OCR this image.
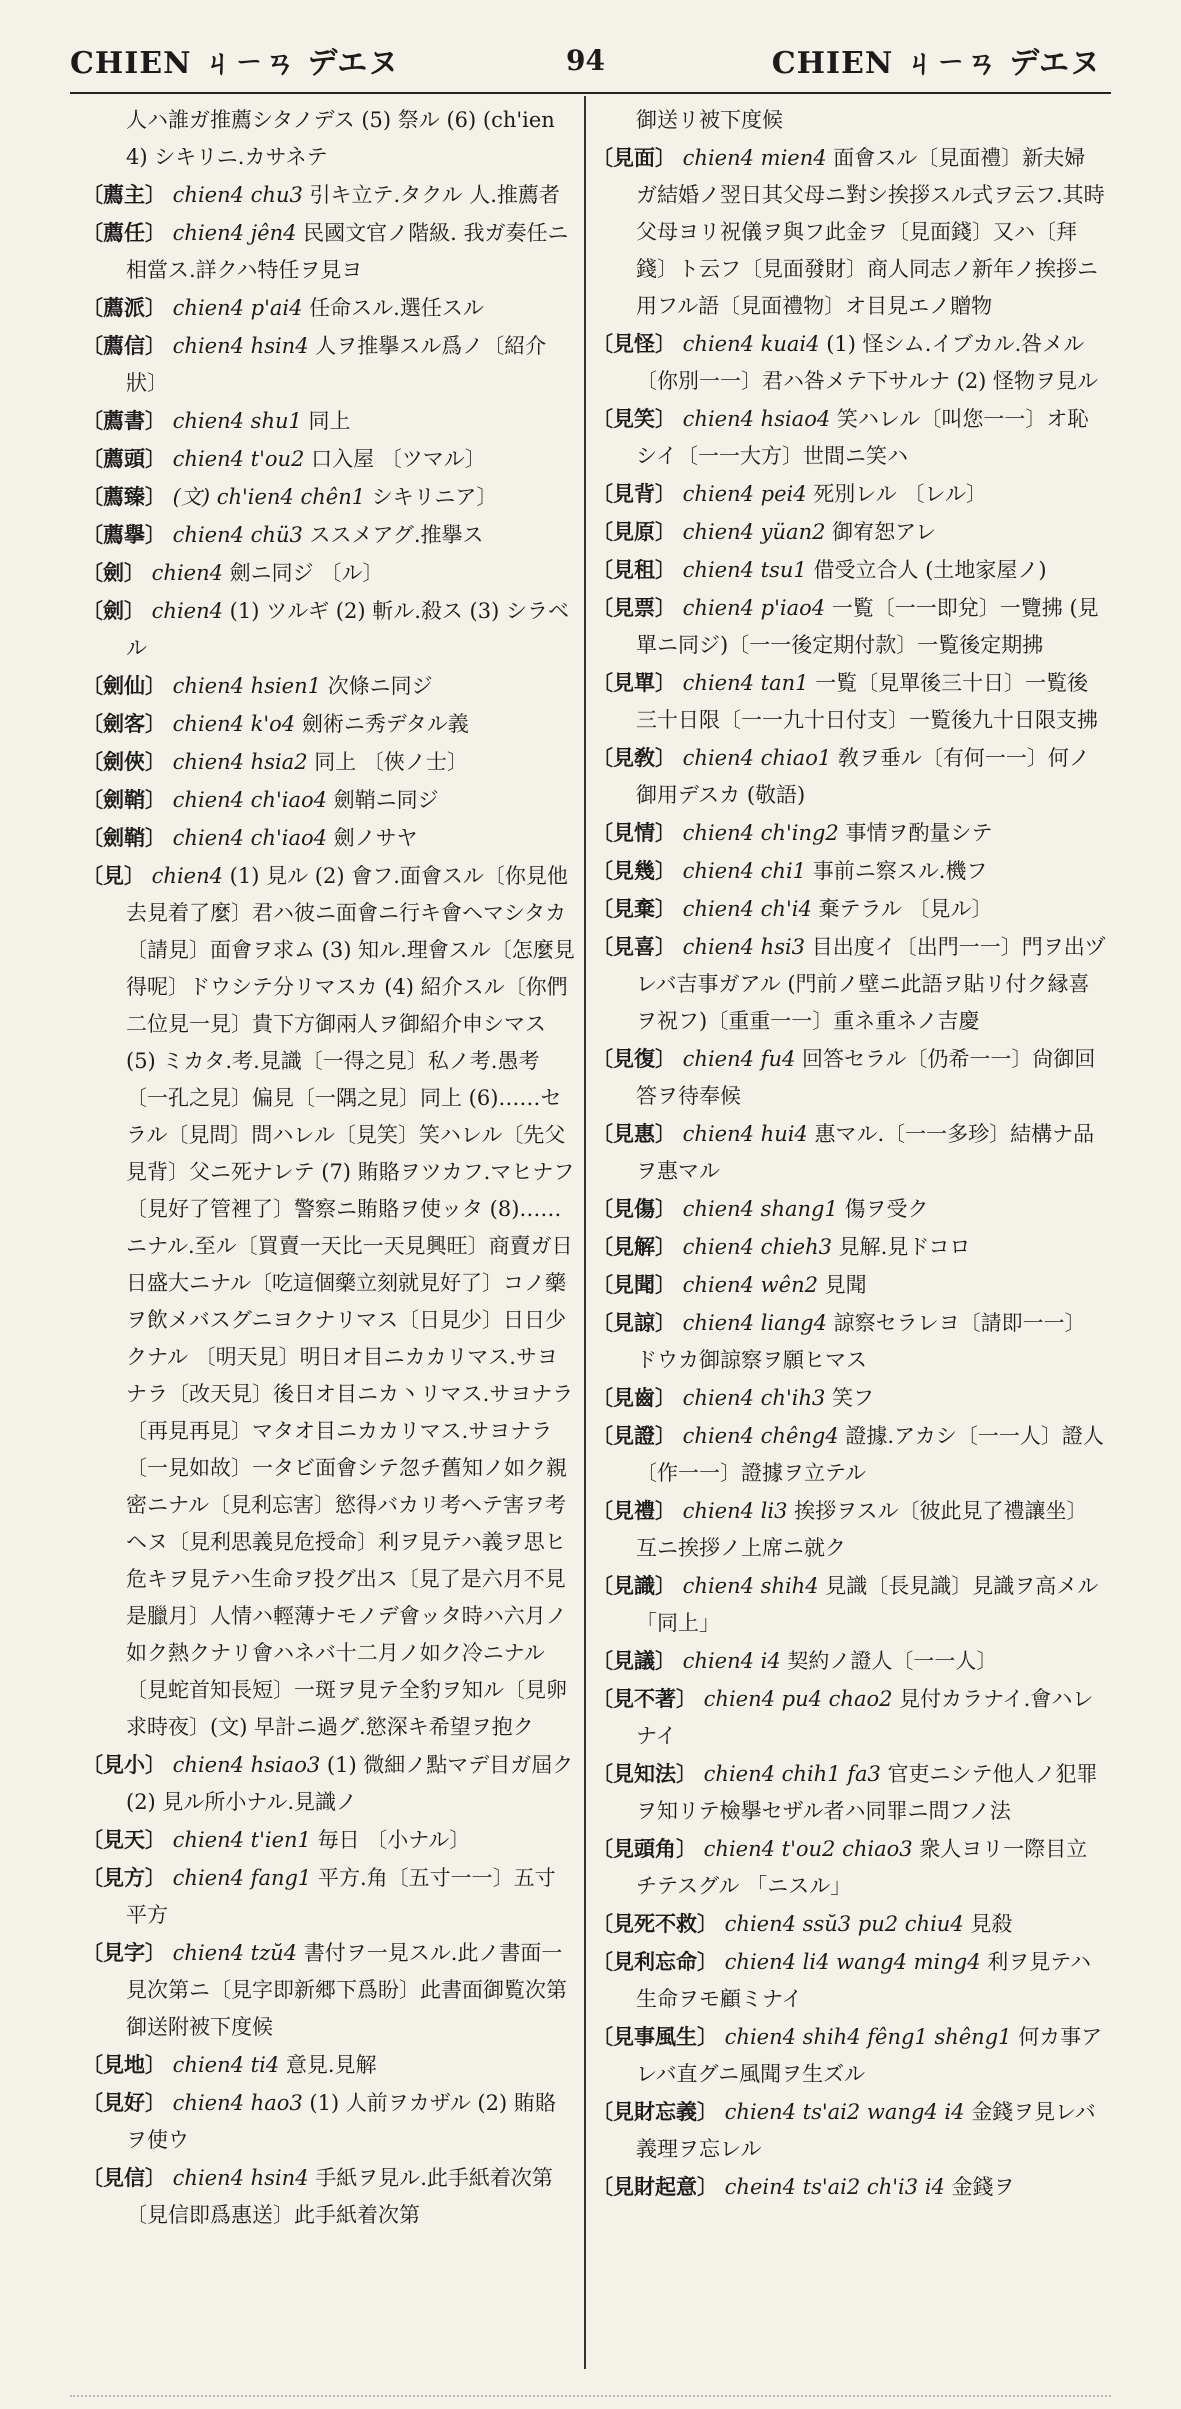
CHIEN ㄐㄧㄢ デエヌ	94	CHIEN ㄐㄧㄢ デエヌ
人ハ誰ガ推薦シタノデス (5) 祭ル (6) (ch'ien4) シキリニ.カサネテ
〔薦主〕 chien4 chu3 引キ立テ.タクル 人.推薦者
〔薦任〕 chien4 jên4 民國文官ノ階級. 我ガ奏任ニ相當ス.詳クハ特任ヲ見ヨ
〔薦派〕 chien4 p'ai4 任命スル.選任スル
〔薦信〕 chien4 hsin4 人ヲ推擧スル爲ノ〔紹介狀〕
〔薦書〕 chien4 shu1 同上
〔薦頭〕 chien4 t'ou2 口入屋 〔ツマル〕
〔薦臻〕 (文) ch'ien4 chên1 シキリニア〕
〔薦擧〕 chien4 chü3 ススメアグ.推擧ス
〔劍〕 chien4 劍ニ同ジ 〔ル〕
〔劍〕 chien4 (1) ツルギ (2) 斬ル.殺ス (3) シラベル
〔劍仙〕 chien4 hsien1 次條ニ同ジ
〔劍客〕 chien4 k'o4 劍術ニ秀デタル義
〔劍俠〕 chien4 hsia2 同上 〔俠ノ士〕
〔劍鞘〕 chien4 ch'iao4 劍鞘ニ同ジ
〔劍鞘〕 chien4 ch'iao4 劍ノサヤ
〔見〕 chien4 (1) 見ル (2) 會フ.面會スル〔你見他去見着了麼〕君ハ彼ニ面會ニ行キ會ヘマシタカ〔請見〕面會ヲ求ム (3) 知ル.理會スル〔怎麼見得呢〕ドウシテ分リマスカ (4) 紹介スル〔你們二位見一見〕貴下方御兩人ヲ御紹介申シマス (5) ミカタ.考.見識〔一得之見〕私ノ考.愚考〔一孔之見〕偏見〔一隅之見〕同上 (6)……セラル〔見問〕問ハレル〔見笑〕笑ハレル〔先父見背〕父ニ死ナレテ (7) 賄賂ヲツカフ.マヒナフ〔見好了管裡了〕警察ニ賄賂ヲ使ッタ (8)……ニナル.至ル〔買賣一天比一天見興旺〕商賣ガ日日盛大ニナル〔吃這個藥立刻就見好了〕コノ藥ヲ飲メバスグニヨクナリマス〔日見少〕日日少クナル 〔明天見〕明日オ目ニカカリマス.サヨナラ〔改天見〕後日オ目ニカ丶リマス.サヨナラ〔再見再見〕マタオ目ニカカリマス.サヨナラ〔一見如故〕一タビ面會シテ忽チ舊知ノ如ク親密ニナル〔見利忘害〕慾得バカリ考ヘテ害ヲ考ヘヌ〔見利思義見危授命〕利ヲ見テハ義ヲ思ヒ危キヲ見テハ生命ヲ投グ出ス〔見了是六月不見是臘月〕人情ハ輕薄ナモノデ會ッタ時ハ六月ノ如ク熱クナリ會ハネバ十二月ノ如ク冷ニナル〔見蛇首知長短〕一斑ヲ見テ全豹ヲ知ル〔見卵求時夜〕(文) 早計ニ過グ.慾深キ希望ヲ抱ク
〔見小〕 chien4 hsiao3 (1) 微細ノ點マデ目ガ屆ク (2) 見ル所小ナル.見識ノ
〔見天〕 chien4 t'ien1 毎日 〔小ナル〕
〔見方〕 chien4 fang1 平方.角〔五寸一一〕五寸平方
〔見字〕 chien4 tzŭ4 書付ヲ一見スル.此ノ書面一見次第ニ〔見字即新郷下爲盼〕此書面御覧次第御送附被下度候
〔見地〕 chien4 ti4 意見.見解
〔見好〕 chien4 hao3 (1) 人前ヲカザル (2) 賄賂ヲ使ウ
〔見信〕 chien4 hsin4 手紙ヲ見ル.此手紙着次第〔見信即爲惠送〕此手紙着次第
御送リ被下度候
〔見面〕 chien4 mien4 面會スル〔見面禮〕新夫婦ガ結婚ノ翌日其父母ニ對シ挨拶スル式ヲ云フ.其時父母ヨリ祝儀ヲ與フ此金ヲ〔見面錢〕又ハ〔拜錢〕ト云フ〔見面發財〕商人同志ノ新年ノ挨拶ニ用フル語〔見面禮物〕オ目見エノ贈物
〔見怪〕 chien4 kuai4 (1) 怪シム.イブカル.咎メル〔你別一一〕君ハ咎メテ下サルナ (2) 怪物ヲ見ル
〔見笑〕 chien4 hsiao4 笑ハレル〔叫您一一〕オ恥シイ〔一一大方〕世間ニ笑ハ
〔見背〕 chien4 pei4 死別レル 〔レル〕
〔見原〕 chien4 yüan2 御宥恕アレ
〔見租〕 chien4 tsu1 借受立合人 (土地家屋ノ)
〔見票〕 chien4 p'iao4 一覧〔一一即兌〕一覽拂 (見單ニ同ジ)〔一一後定期付款〕一覧後定期拂
〔見單〕 chien4 tan1 一覧〔見單後三十日〕一覧後三十日限〔一一九十日付支〕一覧後九十日限支拂
〔見敎〕 chien4 chiao1 敎ヲ垂ル〔有何一一〕何ノ御用デスカ (敬語)
〔見情〕 chien4 ch'ing2 事情ヲ酌量シテ
〔見幾〕 chien4 chi1 事前ニ察スル.機フ
〔見棄〕 chien4 ch'i4 棄テラル 〔見ル〕
〔見喜〕 chien4 hsi3 目出度イ〔出門一一〕門ヲ出ヅレバ吉事ガアル (門前ノ壁ニ此語ヲ貼リ付ク縁喜ヲ祝フ)〔重重一一〕重ネ重ネノ吉慶
〔見復〕 chien4 fu4 回答セラル〔仍希一一〕尙御回答ヲ待奉候
〔見惠〕 chien4 hui4 惠マル.〔一一多珍〕結構ナ品ヲ惠マル
〔見傷〕 chien4 shang1 傷ヲ受ク
〔見解〕 chien4 chieh3 見解.見ドコロ
〔見聞〕 chien4 wên2 見聞
〔見諒〕 chien4 liang4 諒察セラレヨ〔請即一一〕ドウカ御諒察ヲ願ヒマス
〔見齒〕 chien4 ch'ih3 笑フ
〔見證〕 chien4 chêng4 證據.アカシ〔一一人〕證人〔作一一〕證據ヲ立テル
〔見禮〕 chien4 li3 挨拶ヲスル〔彼此見了禮讓坐〕互ニ挨拶ノ上席ニ就ク
〔見識〕 chien4 shih4 見識〔長見識〕見識ヲ高メル 「同上」
〔見議〕 chien4 i4 契約ノ證人〔一一人〕
〔見不著〕 chien4 pu4 chao2 見付カラナイ.會ハレナイ
〔見知法〕 chien4 chih1 fa3 官吏ニシテ他人ノ犯罪ヲ知リテ檢擧セザル者ハ同罪ニ問フノ法
〔見頭角〕 chien4 t'ou2 chiao3 衆人ヨリ一際目立チテスグル 「ニスル」
〔見死不救〕 chien4 ssŭ3 pu2 chiu4 見殺
〔見利忘命〕 chien4 li4 wang4 ming4 利ヲ見テハ生命ヲモ顧ミナイ
〔見事風生〕 chien4 shih4 fêng1 shêng1 何カ事アレバ直グニ風聞ヲ生ズル
〔見財忘義〕 chien4 ts'ai2 wang4 i4 金錢ヲ見レバ義理ヲ忘レル
〔見財起意〕 chein4 ts'ai2 ch'i3 i4 金錢ヲ
